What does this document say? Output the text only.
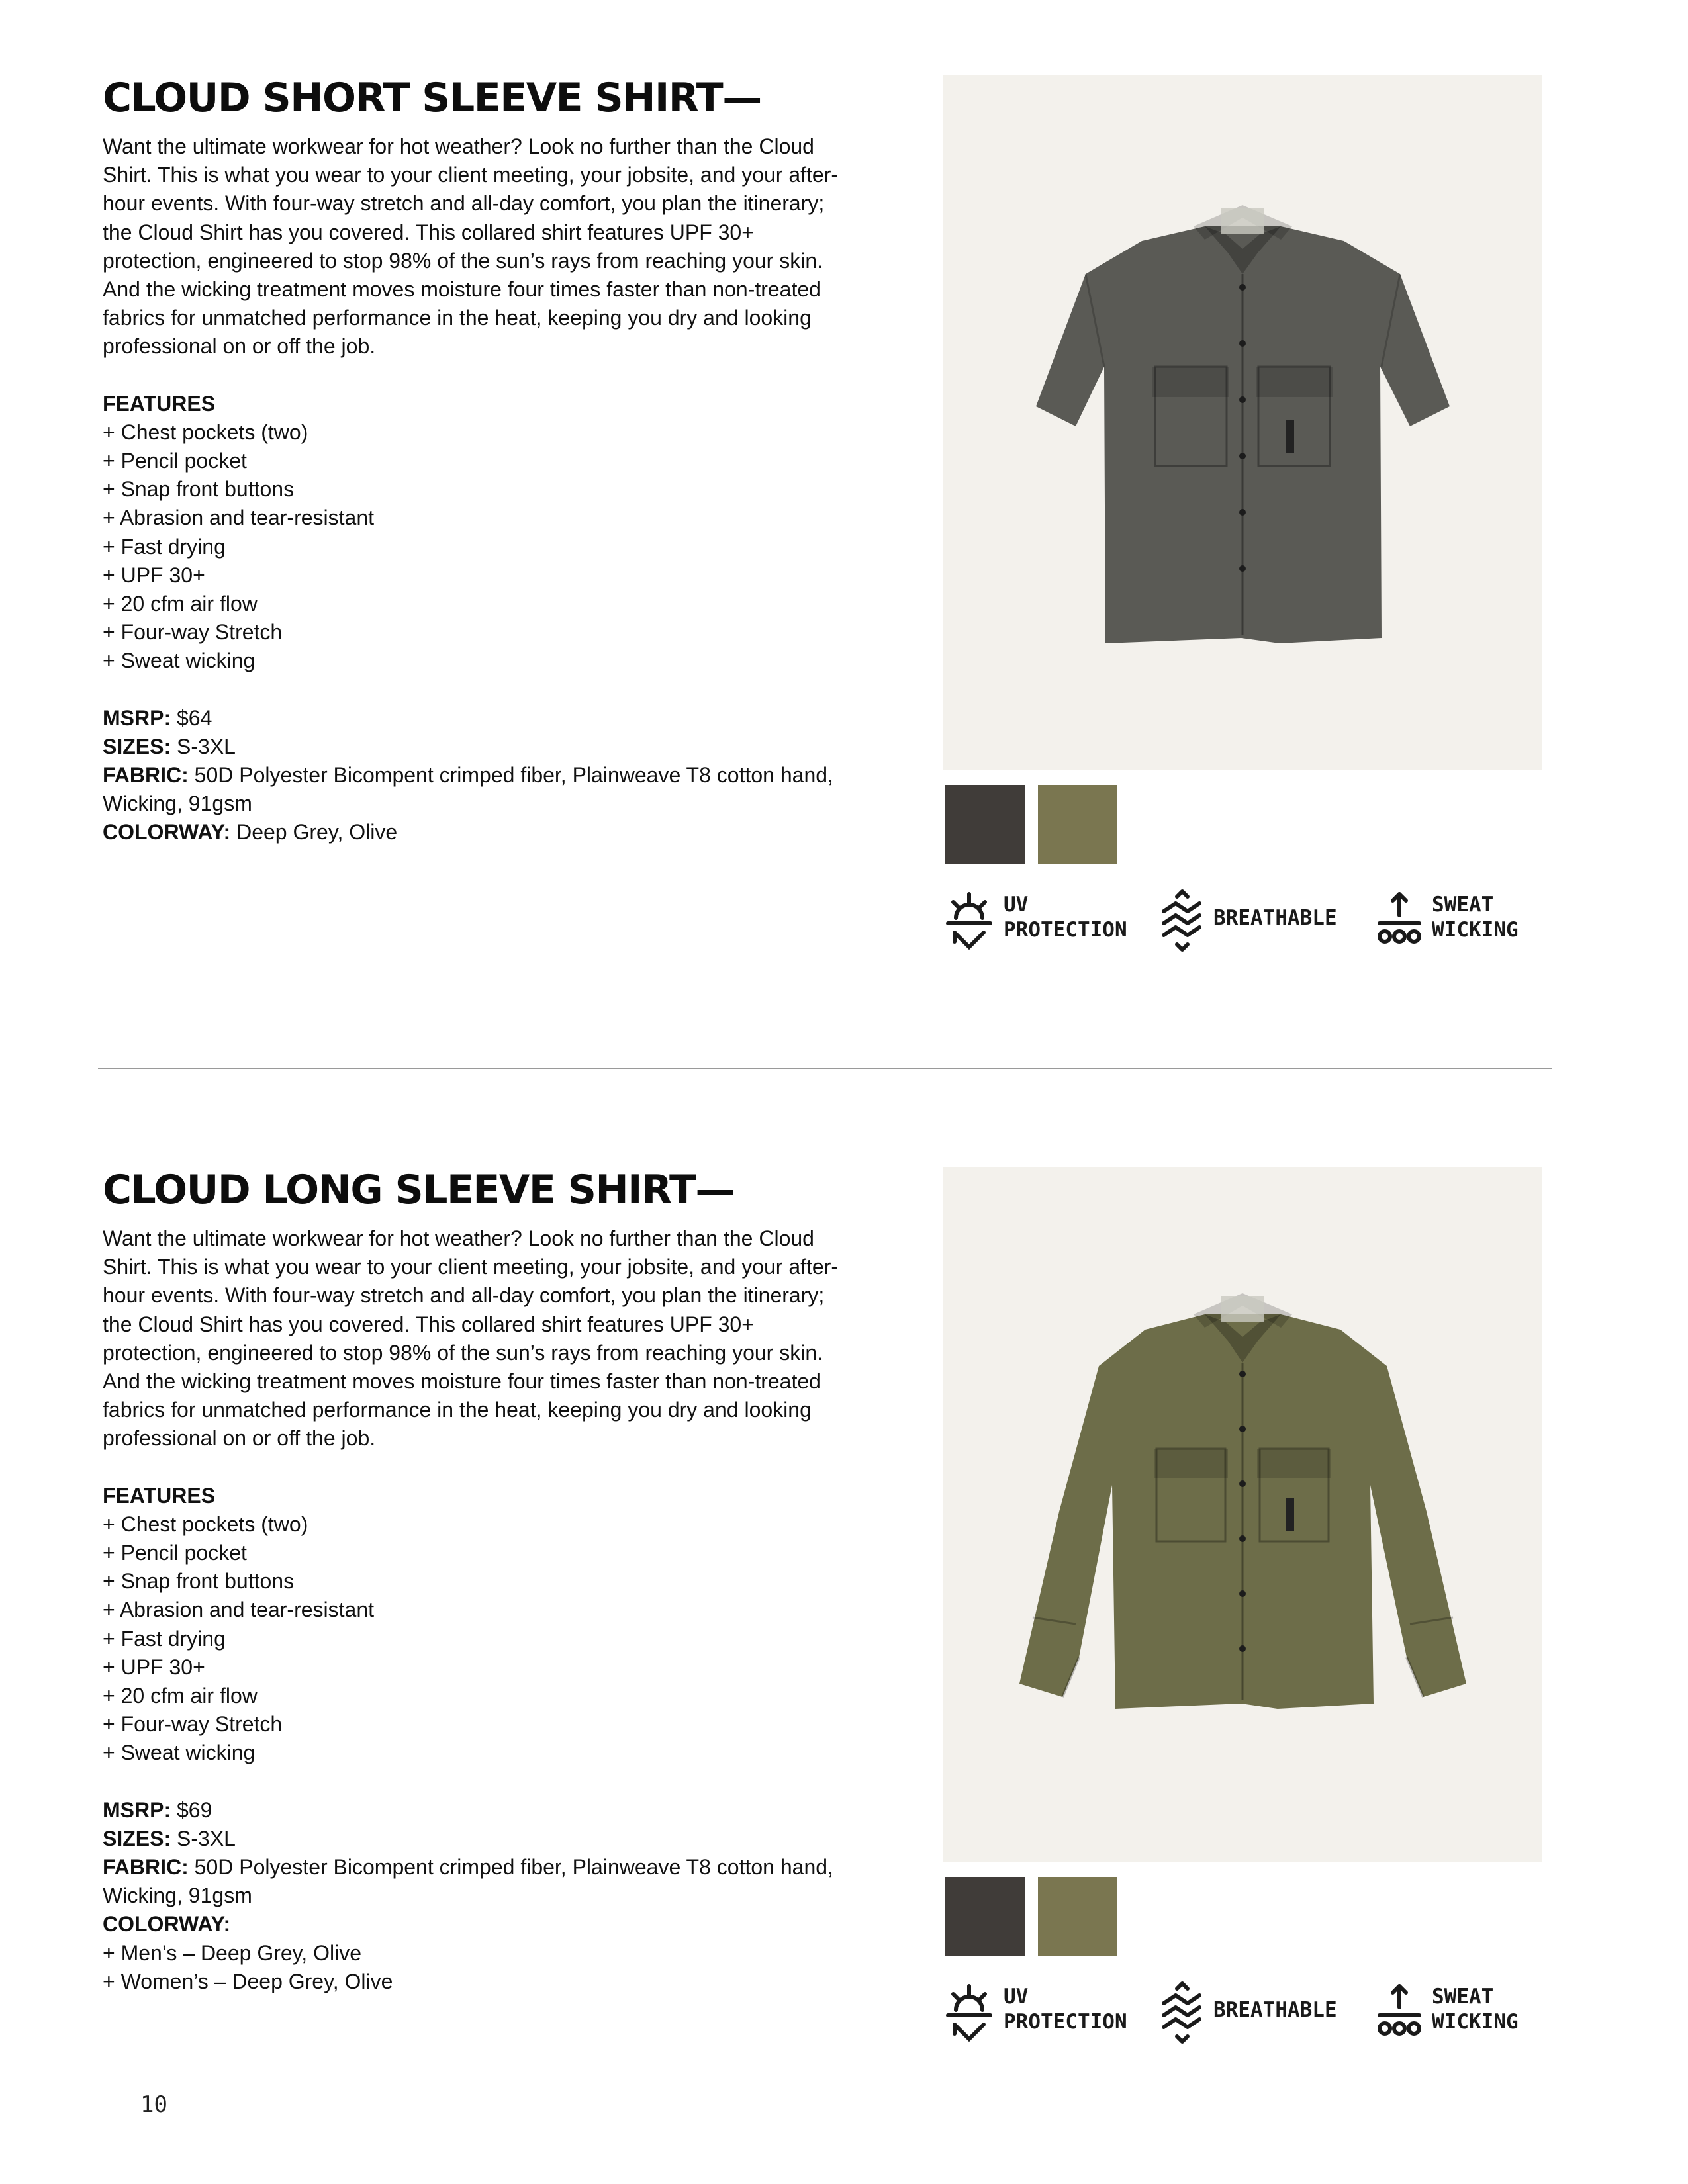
CLOUD SHORT SLEEVE SHIRT—

Want the ultimate workwear for hot weather? Look no further than the Cloud Shirt. This is what you wear to your client meeting, your jobsite, and your after-hour events. With four-way stretch and all-day comfort, you plan the itinerary; the Cloud Shirt has you covered. This collared shirt features UPF 30+ protection, engineered to stop 98% of the sun’s rays from reaching your skin. And the wicking treatment moves moisture four times faster than non-treated fabrics for unmatched performance in the heat, keeping you dry and looking professional on or off the job.

FEATURES
+ Chest pockets (two)
+ Pencil pocket
+ Snap front buttons
+ Abrasion and tear-resistant
+ Fast drying
+ UPF 30+
+ 20 cfm air flow
+ Four-way Stretch
+ Sweat wicking

MSRP: $64

SIZES: S-3XL

FABRIC: 50D Polyester Bicompent crimped fiber, Plainweave T8 cotton hand, Wicking, 91gsm

COLORWAY: Deep Grey, Olive

UV
PROTECTION	BREATHABLE
SWEAT
WICKING
CLOUD LONG SLEEVE SHIRT—

Want the ultimate workwear for hot weather? Look no further than the Cloud Shirt. This is what you wear to your client meeting, your jobsite, and your after-hour events. With four-way stretch and all-day comfort, you plan the itinerary; the Cloud Shirt has you covered. This collared shirt features UPF 30+ protection, engineered to stop 98% of the sun’s rays from reaching your skin. And the wicking treatment moves moisture four times faster than non-treated fabrics for unmatched performance in the heat, keeping you dry and looking professional on or off the job.

FEATURES
+ Chest pockets (two)
+ Pencil pocket
+ Snap front buttons
+ Abrasion and tear-resistant
+ Fast drying
+ UPF 30+
+ 20 cfm air flow
+ Four-way Stretch
+ Sweat wicking

MSRP: $69

SIZES: S-3XL

FABRIC: 50D Polyester Bicompent crimped fiber, Plainweave T8 cotton hand, Wicking, 91gsm

COLORWAY:

+ Men’s – Deep Grey, Olive
+ Women’s – Deep Grey, Olive
UV
PROTECTION	BREATHABLE
SWEAT
WICKING
10
